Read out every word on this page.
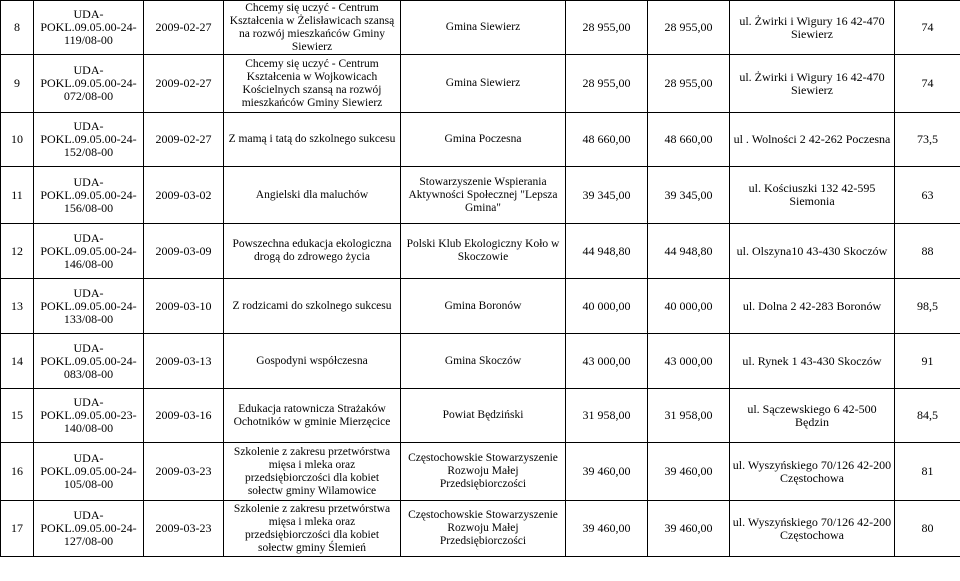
8	UDA-POKL.09.05.00-24-119/08-00	2009-02-27	Chcemy się uczyć - Centrum Kształcenia w Żelisławicach szansą na rozwój mieszkańców Gminy Siewierz	Gmina Siewierz	28 955,00	28 955,00	ul. Żwirki i Wigury 16 42-470 Siewierz	74
9	UDA-POKL.09.05.00-24-072/08-00	2009-02-27	Chcemy się uczyć - Centrum Kształcenia w Wojkowicach Kościelnych szansą na rozwój mieszkańców Gminy Siewierz	Gmina Siewierz	28 955,00	28 955,00	ul. Żwirki i Wigury 16 42-470 Siewierz	74
10	UDA-POKL.09.05.00-24-152/08-00	2009-02-27	Z mamą i tatą do szkolnego sukcesu	Gmina Poczesna	48 660,00	48 660,00	ul . Wolności 2 42-262 Poczesna	73,5
11	UDA-POKL.09.05.00-24-156/08-00	2009-03-02	Angielski dla maluchów	Stowarzyszenie Wspierania Aktywności Społecznej "Lepsza Gmina"	39 345,00	39 345,00	ul. Kościuszki 132 42-595 Siemonia	63
12	UDA-POKL.09.05.00-24-146/08-00	2009-03-09	Powszechna edukacja ekologiczna drogą do zdrowego życia	Polski Klub Ekologiczny Koło w Skoczowie	44 948,80	44 948,80	ul. Olszyna10 43-430 Skoczów	88
13	UDA-POKL.09.05.00-24-133/08-00	2009-03-10	Z rodzicami do szkolnego sukcesu	Gmina Boronów	40 000,00	40 000,00	ul. Dolna 2 42-283 Boronów	98,5
14	UDA-POKL.09.05.00-24-083/08-00	2009-03-13	Gospodyni współczesna	Gmina Skoczów	43 000,00	43 000,00	ul. Rynek 1 43-430 Skoczów	91
15	UDA-POKL.09.05.00-23-140/08-00	2009-03-16	Edukacja ratownicza Strażaków Ochotników w gminie Mierzęcice	Powiat Będziński	31 958,00	31 958,00	ul. Sączewskiego 6 42-500 Będzin	84,5
16	UDA-POKL.09.05.00-24-105/08-00	2009-03-23	Szkolenie z zakresu przetwórstwa mięsa i mleka oraz przedsiębiorczości dla kobiet sołectw gminy Wilamowice	Częstochowskie Stowarzyszenie Rozwoju Małej Przedsiębiorczości	39 460,00	39 460,00	ul. Wyszyńskiego 70/126 42-200 Częstochowa	81
17	UDA-POKL.09.05.00-24-127/08-00	2009-03-23	Szkolenie z zakresu przetwórstwa mięsa i mleka oraz przedsiębiorczości dla kobiet sołectw gminy Ślemień	Częstochowskie Stowarzyszenie Rozwoju Małej Przedsiębiorczości	39 460,00	39 460,00	ul. Wyszyńskiego 70/126 42-200 Częstochowa	80
